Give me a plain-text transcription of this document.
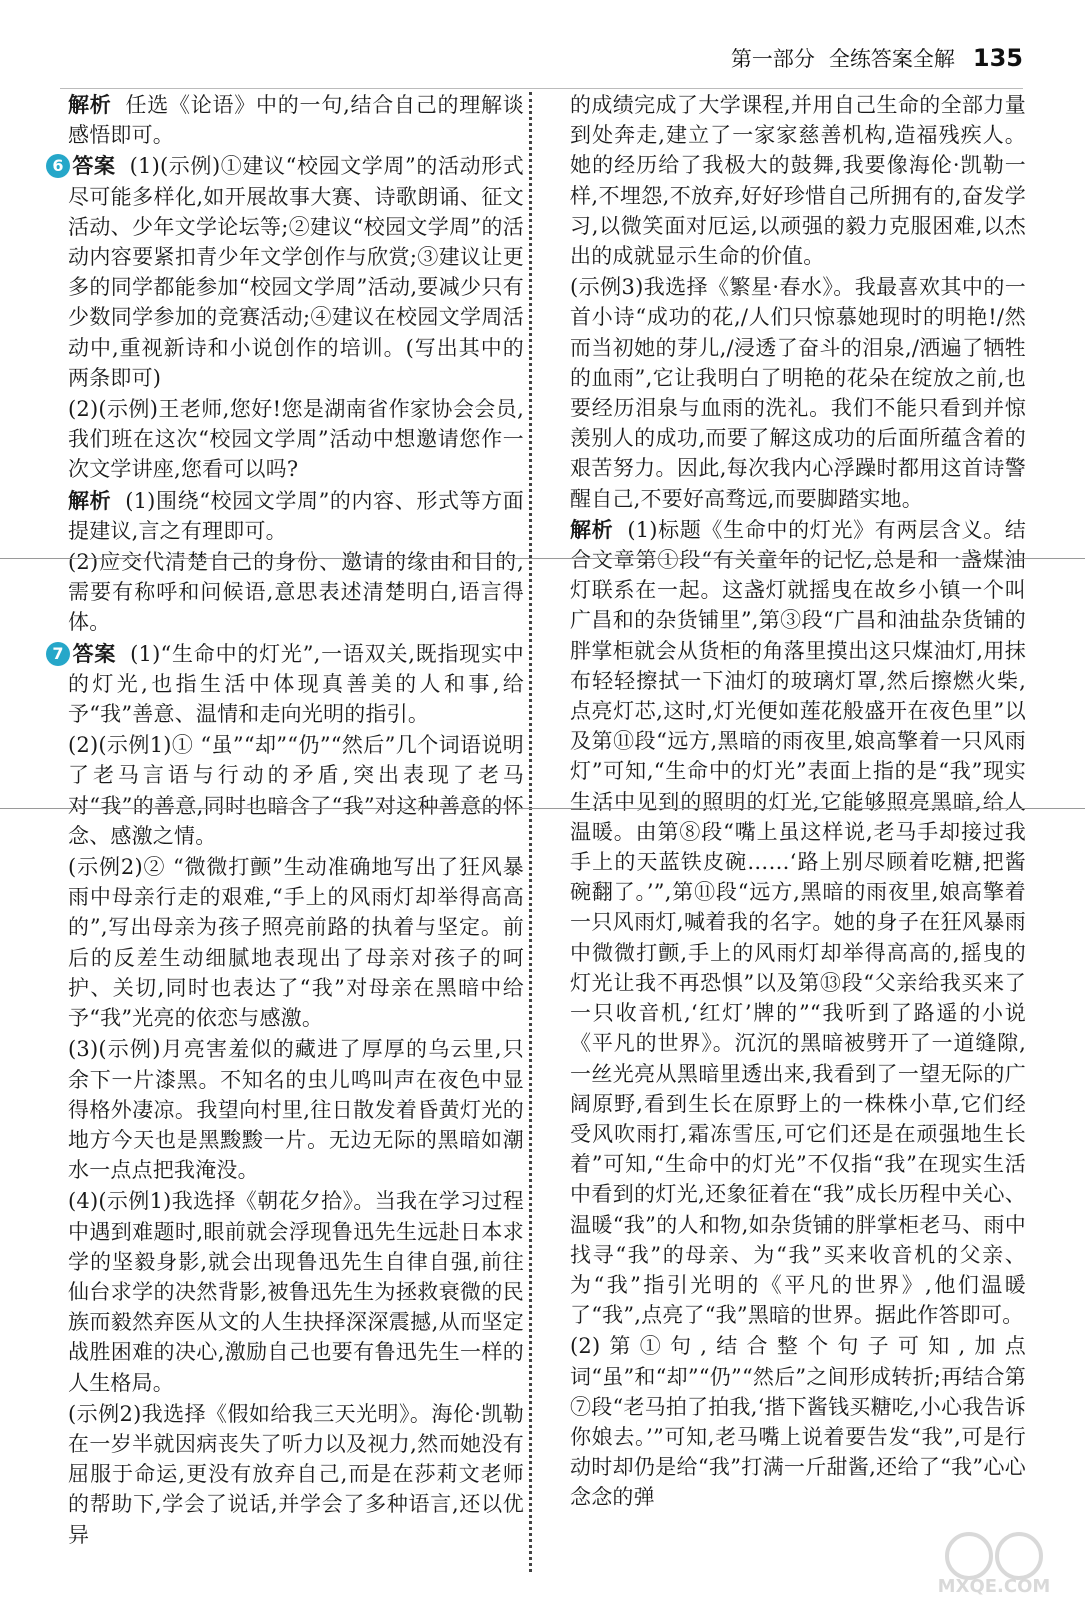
第一部分 全练答案全解 135

解析 任选《论语》中的一句,结合自己的理解谈感悟即可。

6 答案 (1)(示例)①建议“校园文学周”的活动形式尽可能多样化,如开展故事大赛、诗歌朗诵、征文活动、少年文学论坛等;②建议“校园文学周”的活动内容要紧扣青少年文学创作与欣赏;③建议让更多的同学都能参加“校园文学周”活动,要减少只有少数同学参加的竞赛活动;④建议在校园文学周活动中,重视新诗和小说创作的培训。(写出其中的两条即可)

(2)(示例)王老师,您好!您是湖南省作家协会会员,我们班在这次“校园文学周”活动中想邀请您作一次文学讲座,您看可以吗?

解析 (1)围绕“校园文学周”的内容、形式等方面提建议,言之有理即可。

(2)应交代清楚自己的身份、邀请的缘由和目的,需要有称呼和问候语,意思表述清楚明白,语言得体。

7 答案 (1)“生命中的灯光”,一语双关,既指现实中的灯光,也指生活中体现真善美的人和事,给予“我”善意、温情和走向光明的指引。

(2)(示例1)① “虽”“却”“仍”“然后”几个词语说明了老马言语与行动的矛盾,突出表现了老马对“我”的善意,同时也暗含了“我”对这种善意的怀念、感激之情。

(示例2)② “微微打颤”生动准确地写出了狂风暴雨中母亲行走的艰难,“手上的风雨灯却举得高高的”,写出母亲为孩子照亮前路的执着与坚定。前后的反差生动细腻地表现出了母亲对孩子的呵护、关切,同时也表达了“我”对母亲在黑暗中给予“我”光亮的依恋与感激。

(3)(示例)月亮害羞似的藏进了厚厚的乌云里,只余下一片漆黑。不知名的虫儿鸣叫声在夜色中显得格外凄凉。我望向村里,往日散发着昏黄灯光的地方今天也是黑黢黢一片。无边无际的黑暗如潮水一点点把我淹没。

(4)(示例1)我选择《朝花夕拾》。当我在学习过程中遇到难题时,眼前就会浮现鲁迅先生远赴日本求学的坚毅身影,就会出现鲁迅先生自律自强,前往仙台求学的决然背影,被鲁迅先生为拯救衰微的民族而毅然弃医从文的人生抉择深深震撼,从而坚定战胜困难的决心,激励自己也要有鲁迅先生一样的人生格局。

(示例2)我选择《假如给我三天光明》。海伦·凯勒在一岁半就因病丧失了听力以及视力,然而她没有屈服于命运,更没有放弃自己,而是在莎莉文老师的帮助下,学会了说话,并学会了多种语言,还以优异

的成绩完成了大学课程,并用自己生命的全部力量到处奔走,建立了一家家慈善机构,造福残疾人。她的经历给了我极大的鼓舞,我要像海伦·凯勒一样,不埋怨,不放弃,好好珍惜自己所拥有的,奋发学习,以微笑面对厄运,以顽强的毅力克服困难,以杰出的成就显示生命的价值。

(示例3)我选择《繁星·春水》。我最喜欢其中的一首小诗“成功的花,/人们只惊慕她现时的明艳!/然而当初她的芽儿,/浸透了奋斗的泪泉,/洒遍了牺牲的血雨”,它让我明白了明艳的花朵在绽放之前,也要经历泪泉与血雨的洗礼。我们不能只看到并惊羡别人的成功,而要了解这成功的后面所蕴含着的艰苦努力。因此,每次我内心浮躁时都用这首诗警醒自己,不要好高骛远,而要脚踏实地。

解析 (1)标题《生命中的灯光》有两层含义。结合文章第①段“有关童年的记忆,总是和一盏煤油灯联系在一起。这盏灯就摇曳在故乡小镇一个叫广昌和的杂货铺里”,第③段“广昌和油盐杂货铺的胖掌柜就会从货柜的角落里摸出这只煤油灯,用抹布轻轻擦拭一下油灯的玻璃灯罩,然后擦燃火柴,点亮灯芯,这时,灯光便如莲花般盛开在夜色里”以及第⑪段“远方,黑暗的雨夜里,娘高擎着一只风雨灯”可知,“生命中的灯光”表面上指的是“我”现实生活中见到的照明的灯光,它能够照亮黑暗,给人温暖。由第⑧段“嘴上虽这样说,老马手却接过我手上的天蓝铁皮碗……‘路上别尽顾着吃糖,把酱碗翻了。’”,第⑪段“远方,黑暗的雨夜里,娘高擎着一只风雨灯,喊着我的名字。她的身子在狂风暴雨中微微打颤,手上的风雨灯却举得高高的,摇曳的灯光让我不再恐惧”以及第⑬段“父亲给我买来了一只收音机,‘红灯’牌的”“我听到了路遥的小说《平凡的世界》。沉沉的黑暗被劈开了一道缝隙,一丝光亮从黑暗里透出来,我看到了一望无际的广阔原野,看到生长在原野上的一株株小草,它们经受风吹雨打,霜冻雪压,可它们还是在顽强地生长着”可知,“生命中的灯光”不仅指“我”在现实生活中看到的灯光,还象征着在“我”成长历程中关心、温暖“我”的人和物,如杂货铺的胖掌柜老马、雨中找寻“我”的母亲、为“我”买来收音机的父亲、为“我”指引光明的《平凡的世界》,他们温暖了“我”,点亮了“我”黑暗的世界。据此作答即可。

(2)第①句,结合整个句子可知,加点词“虽”和“却”“仍”“然后”之间形成转折;再结合第⑦段“老马拍了拍我,‘揩下酱钱买糖吃,小心我告诉你娘去。’”可知,老马嘴上说着要告发“我”,可是行动时却仍是给“我”打满一斤甜酱,还给了“我”心心念念的弹

MXQE.COM
